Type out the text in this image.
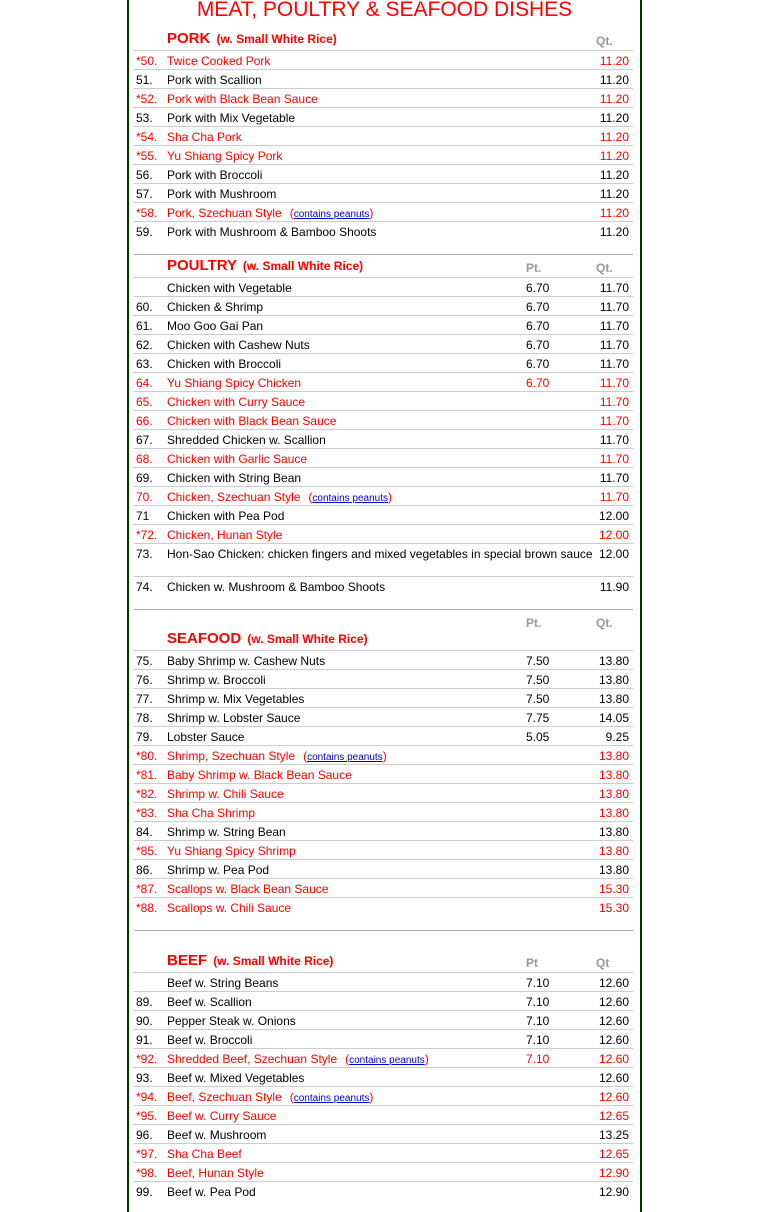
MEAT, POULTRY & SEAFOOD DISHES
PORK (w. Small White Rice)	Qt.
*50. Twice Cooked Pork	11.20
51. Pork with Scallion	11.20
*52. Pork with Black Bean Sauce	11.20
53. Pork with Mix Vegetable	11.20
*54. Sha Cha Pork	11.20
*55. Yu Shiang Spicy Pork	11.20
56. Pork with Broccoli	11.20
57. Pork with Mushroom	11.20
*58. Pork, Szechuan Style (contains peanuts)	11.20
59. Pork with Mushroom & Bamboo Shoots	11.20
POULTRY (w. Small White Rice)	Pt.	Qt.
Chicken with Vegetable	6.70	11.70
60. Chicken & Shrimp	6.70	11.70
61. Moo Goo Gai Pan	6.70	11.70
62. Chicken with Cashew Nuts	6.70	11.70
63. Chicken with Broccoli	6.70	11.70
64. Yu Shiang Spicy Chicken	6.70	11.70
65. Chicken with Curry Sauce	11.70
66. Chicken with Black Bean Sauce	11.70
67. Shredded Chicken w. Scallion	11.70
68. Chicken with Garlic Sauce	11.70
69. Chicken with String Bean	11.70
70. Chicken, Szechuan Style (contains peanuts)	11.70
71 Chicken with Pea Pod	12.00
*72. Chicken, Hunan Style	12.00
73. Hon-Sao Chicken: chicken fingers and mixed vegetables in special brown sauce 12.00
74. Chicken w. Mushroom & Bamboo Shoots	11.90
SEAFOOD (w. Small White Rice)
Pt.	Qt.
75. Baby Shrimp w. Cashew Nuts	7.50	13.80
76. Shrimp w. Broccoli	7.50	13.80
77. Shrimp w. Mix Vegetables	7.50	13.80
78. Shrimp w. Lobster Sauce	7.75	14.05
79. Lobster Sauce	5.05	9.25
*80. Shrimp, Szechuan Style (contains peanuts)	13.80
*81. Baby Shrimp w. Black Bean Sauce	13.80
*82. Shrimp w. Chili Sauce	13.80
*83. Sha Cha Shrimp	13.80
84. Shrimp w. String Bean	13.80
*85. Yu Shiang Spicy Shrimp	13.80
86. Shrimp w. Pea Pod	13.80
*87. Scallops w. Black Bean Sauce	15.30
*88. Scallops w. Chili Sauce	15.30
BEEF (w. Small White Rice)	Pt	Qt
Beef w. String Beans	7.10	12.60
89. Beef w. Scallion	7.10	12.60
90. Pepper Steak w. Onions	7.10	12.60
91. Beef w. Broccoli	7.10	12.60
*92. Shredded Beef, Szechuan Style (contains peanuts)	7.10	12.60
93. Beef w. Mixed Vegetables	12.60
*94. Beef, Szechuan Style (contains peanuts)	12.60
*95. Beef w. Curry Sauce	12.65
96. Beef w. Mushroom	13.25
*97. Sha Cha Beef	12.65
*98. Beef, Hunan Style	12.90
99. Beef w. Pea Pod	12.90
